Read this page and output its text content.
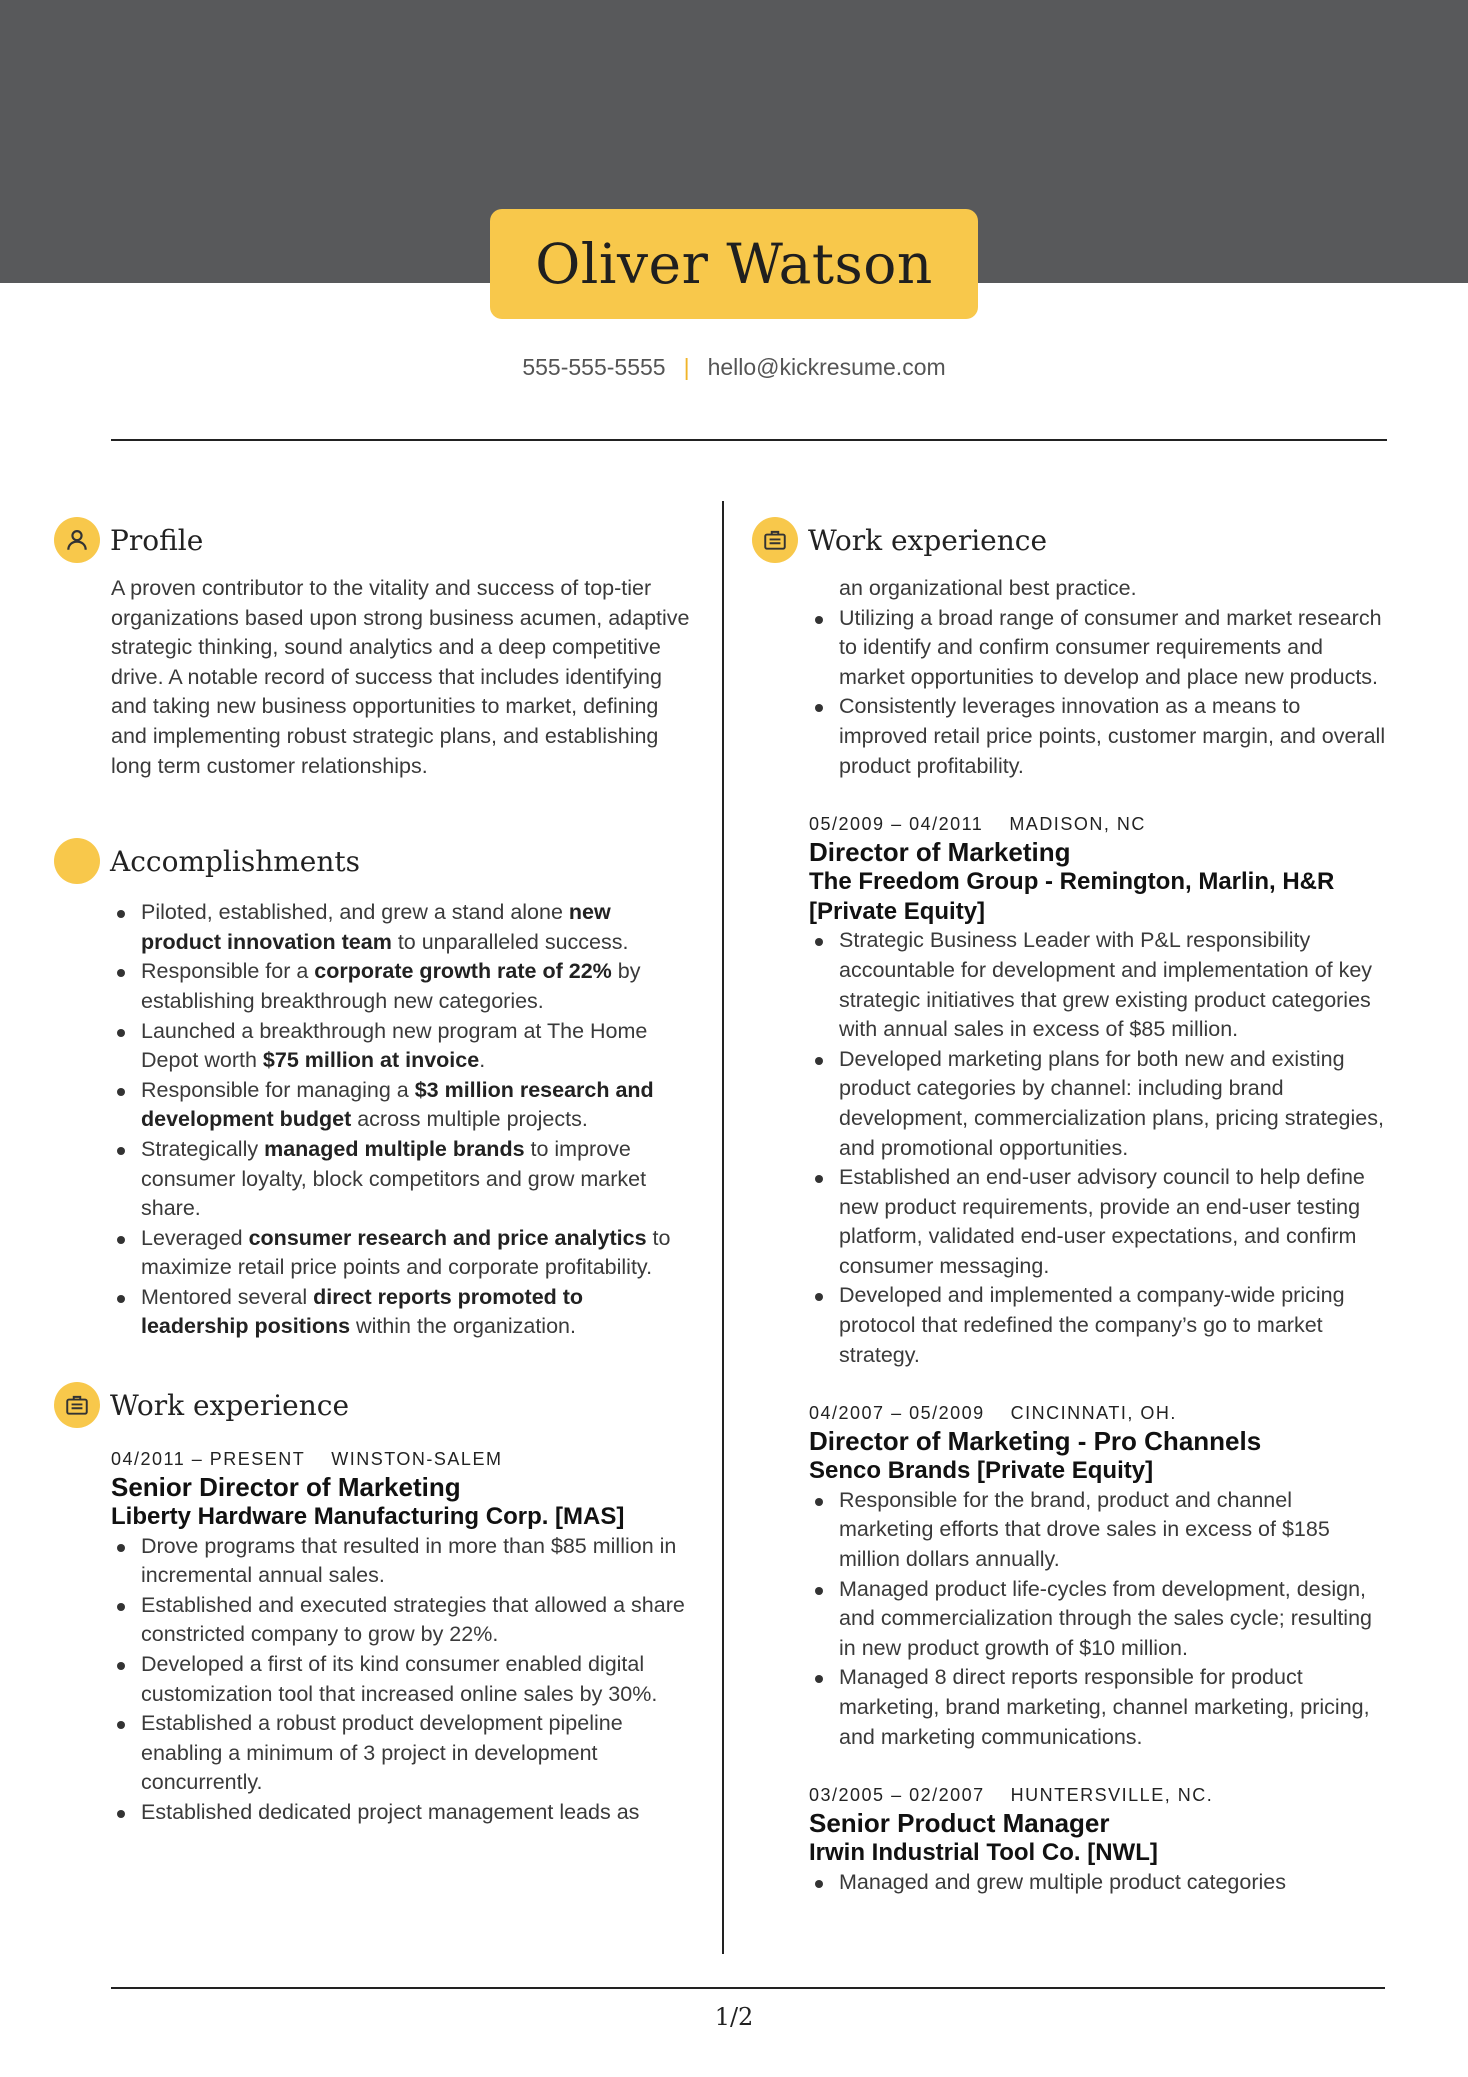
Oliver Watson
555-555-5555 | hello@kickresume.com
Profile

A proven contributor to the vitality and success of top-tier organizations based upon strong business acumen, adaptive strategic thinking, sound analytics and a deep competitive drive. A notable record of success that includes identifying and taking new business opportunities to market, defining and implementing robust strategic plans, and establishing long term customer relationships.

Accomplishments
Piloted, established, and grew a stand alone new product innovation team to unparalleled success.
Responsible for a corporate growth rate of 22% by establishing breakthrough new categories.
Launched a breakthrough new program at The Home Depot worth $75 million at invoice.
Responsible for managing a $3 million research and development budget across multiple projects.
Strategically managed multiple brands to improve consumer loyalty, block competitors and grow market share.
Leveraged consumer research and price analytics to maximize retail price points and corporate profitability.
Mentored several direct reports promoted to leadership positions within the organization.
Work experience
04/2011 – PRESENT WINSTON-SALEM
Senior Director of Marketing
Liberty Hardware Manufacturing Corp. [MAS]
Drove programs that resulted in more than $85 million in incremental annual sales.
Established and executed strategies that allowed a share constricted company to grow by 22%.
Developed a first of its kind consumer enabled digital customization tool that increased online sales by 30%.
Established a robust product development pipeline enabling a minimum of 3 project in development concurrently.
Established dedicated project management leads as
Work experience
an organizational best practice.
Utilizing a broad range of consumer and market research to identify and confirm consumer requirements and market opportunities to develop and place new products.
Consistently leverages innovation as a means to improved retail price points, customer margin, and overall product profitability.
05/2009 – 04/2011 MADISON, NC
Director of Marketing
The Freedom Group - Remington, Marlin, H&R [Private Equity]
Strategic Business Leader with P&L responsibility accountable for development and implementation of key strategic initiatives that grew existing product categories with annual sales in excess of $85 million.
Developed marketing plans for both new and existing product categories by channel: including brand development, commercialization plans, pricing strategies, and promotional opportunities.
Established an end-user advisory council to help define new product requirements, provide an end-user testing platform, validated end-user expectations, and confirm consumer messaging.
Developed and implemented a company-wide pricing protocol that redefined the company’s go to market strategy.
04/2007 – 05/2009 CINCINNATI, OH.
Director of Marketing - Pro Channels
Senco Brands [Private Equity]
Responsible for the brand, product and channel marketing efforts that drove sales in excess of $185 million dollars annually.
Managed product life-cycles from development, design, and commercialization through the sales cycle; resulting in new product growth of $10 million.
Managed 8 direct reports responsible for product marketing, brand marketing, channel marketing, pricing, and marketing communications.
03/2005 – 02/2007 HUNTERSVILLE, NC.
Senior Product Manager
Irwin Industrial Tool Co. [NWL]
Managed and grew multiple product categories
1/2
